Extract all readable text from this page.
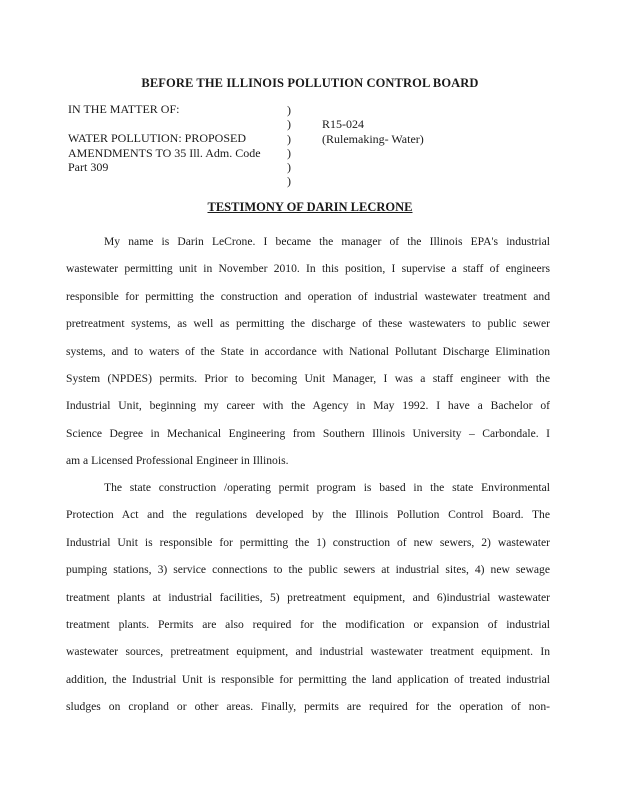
BEFORE THE ILLINOIS POLLUTION CONTROL BOARD
IN THE MATTER OF:
WATER POLLUTION: PROPOSED
AMENDMENTS TO 35 Ill. Adm. Code
Part 309
)
)
)
)
)
)
R15-024
(Rulemaking- Water)
TESTIMONY OF DARIN LECRONE
My name is Darin LeCrone. I became the manager of the Illinois EPA's industrial
wastewater permitting unit in November 2010. In this position, I supervise a staff of engineers
responsible for permitting the construction and operation of industrial wastewater treatment and
pretreatment systems, as well as permitting the discharge of these wastewaters to public sewer
systems, and to waters of the State in accordance with National Pollutant Discharge Elimination
System (NPDES) permits. Prior to becoming Unit Manager, I was a staff engineer with the
Industrial Unit, beginning my career with the Agency in May 1992. I have a Bachelor of
Science Degree in Mechanical Engineering from Southern Illinois University – Carbondale. I
am a Licensed Professional Engineer in Illinois.
The state construction /operating permit program is based in the state Environmental
Protection Act and the regulations developed by the Illinois Pollution Control Board. The
Industrial Unit is responsible for permitting the 1) construction of new sewers, 2) wastewater
pumping stations, 3) service connections to the public sewers at industrial sites, 4) new sewage
treatment plants at industrial facilities, 5) pretreatment equipment, and 6)industrial wastewater
treatment plants. Permits are also required for the modification or expansion of industrial
wastewater sources, pretreatment equipment, and industrial wastewater treatment equipment. In
addition, the Industrial Unit is responsible for permitting the land application of treated industrial
sludges on cropland or other areas. Finally, permits are required for the operation of non-
